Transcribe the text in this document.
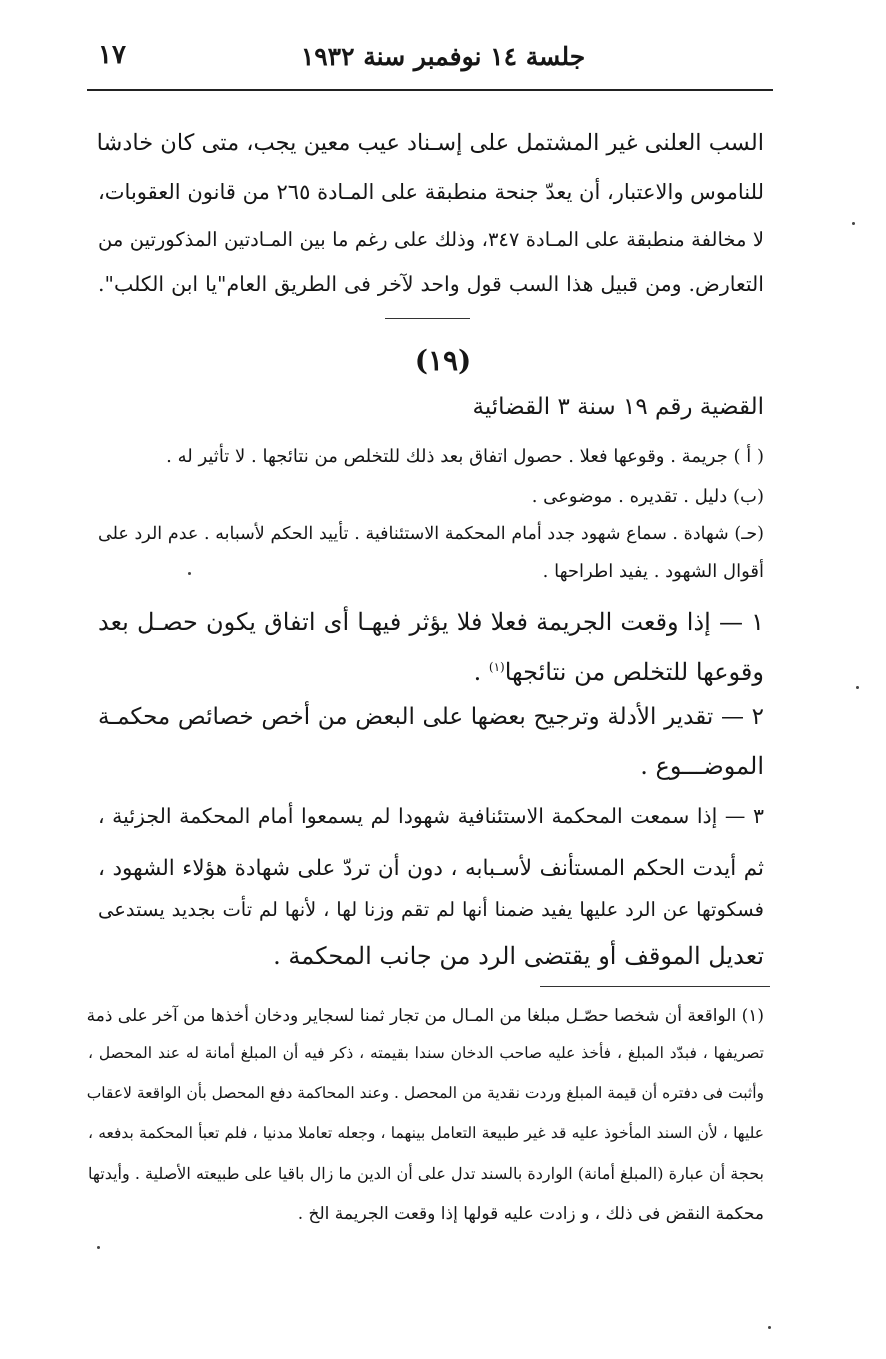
جلسة ١٤ نوفمبر سنة ١٩٣٢
١٧
السب العلنى غير المشتمل على إسـناد عيب معين يجب، متى كان خادشا
للناموس والاعتبار، أن يعدّ جنحة منطبقة على المـادة ٢٦٥ من قانون العقوبات،
لا مخالفة منطبقة على المـادة ٣٤٧، وذلك على رغم ما بين المـادتين المذكورتين من
التعارض. ومن قبيل هذا السب قول واحد لآخر فى الطريق العام"يا ابن الكلب".
(١٩)
القضية رقم ١٩ سنة ٣ القضائية
( أ ) جريمة . وقوعها فعلا . حصول اتفاق بعد ذلك للتخلص من نتائجها . لا تأثير له .
(ب) دليل . تقديره . موضوعى .
(حـ) شهادة . سماع شهود جدد أمام المحكمة الاستئنافية . تأييد الحكم لأسبابه . عدم الرد على
أقوال الشهود . يفيد اطراحها .
١ — إذا وقعت الجريمة فعلا فلا يؤثر فيهـا أى اتفاق يكون حصـل بعد
وقوعها للتخلص من نتائجها$^{(١)}$ .
٢ — تقدير الأدلة وترجيح بعضها على البعض من أخص خصائص محكمـة
الموضـــوع .
٣ — إذا سمعت المحكمة الاستئنافية شهودا لم يسمعوا أمام المحكمة الجزئية ،
ثم أيدت الحكم المستأنف لأسـبابه ، دون أن تردّ على شهادة هؤلاء الشهود ،
فسكوتها عن الرد عليها يفيد ضمنا أنها لم تقم وزنا لها ، لأنها لم تأت بجديد يستدعى
تعديل الموقف أو يقتضى الرد من جانب المحكمة .
(١) الواقعة أن شخصا حصّـل مبلغا من المـال من تجار ثمنا لسجاير ودخان أخذها من آخر على ذمة
تصريفها ، فبدّد المبلغ ، فأخذ عليه صاحب الدخان سندا بقيمته ، ذكر فيه أن المبلغ أمانة له عند المحصل ،
وأثبت فى دفتره أن قيمة المبلغ وردت نقدية من المحصل . وعند المحاكمة دفع المحصل بأن الواقعة لاعقاب
عليها ، لأن السند المأخوذ عليه قد غير طبيعة التعامل بينهما ، وجعله تعاملا مدنيا ، فلم تعبأ المحكمة بدفعه ،
بحجة أن عبارة (المبلغ أمانة) الواردة بالسند تدل على أن الدين ما زال باقيا على طبيعته الأصلية . وأيدتها
محكمة النقض فى ذلك ، و زادت عليه قولها إذا وقعت الجريمة الخ .
